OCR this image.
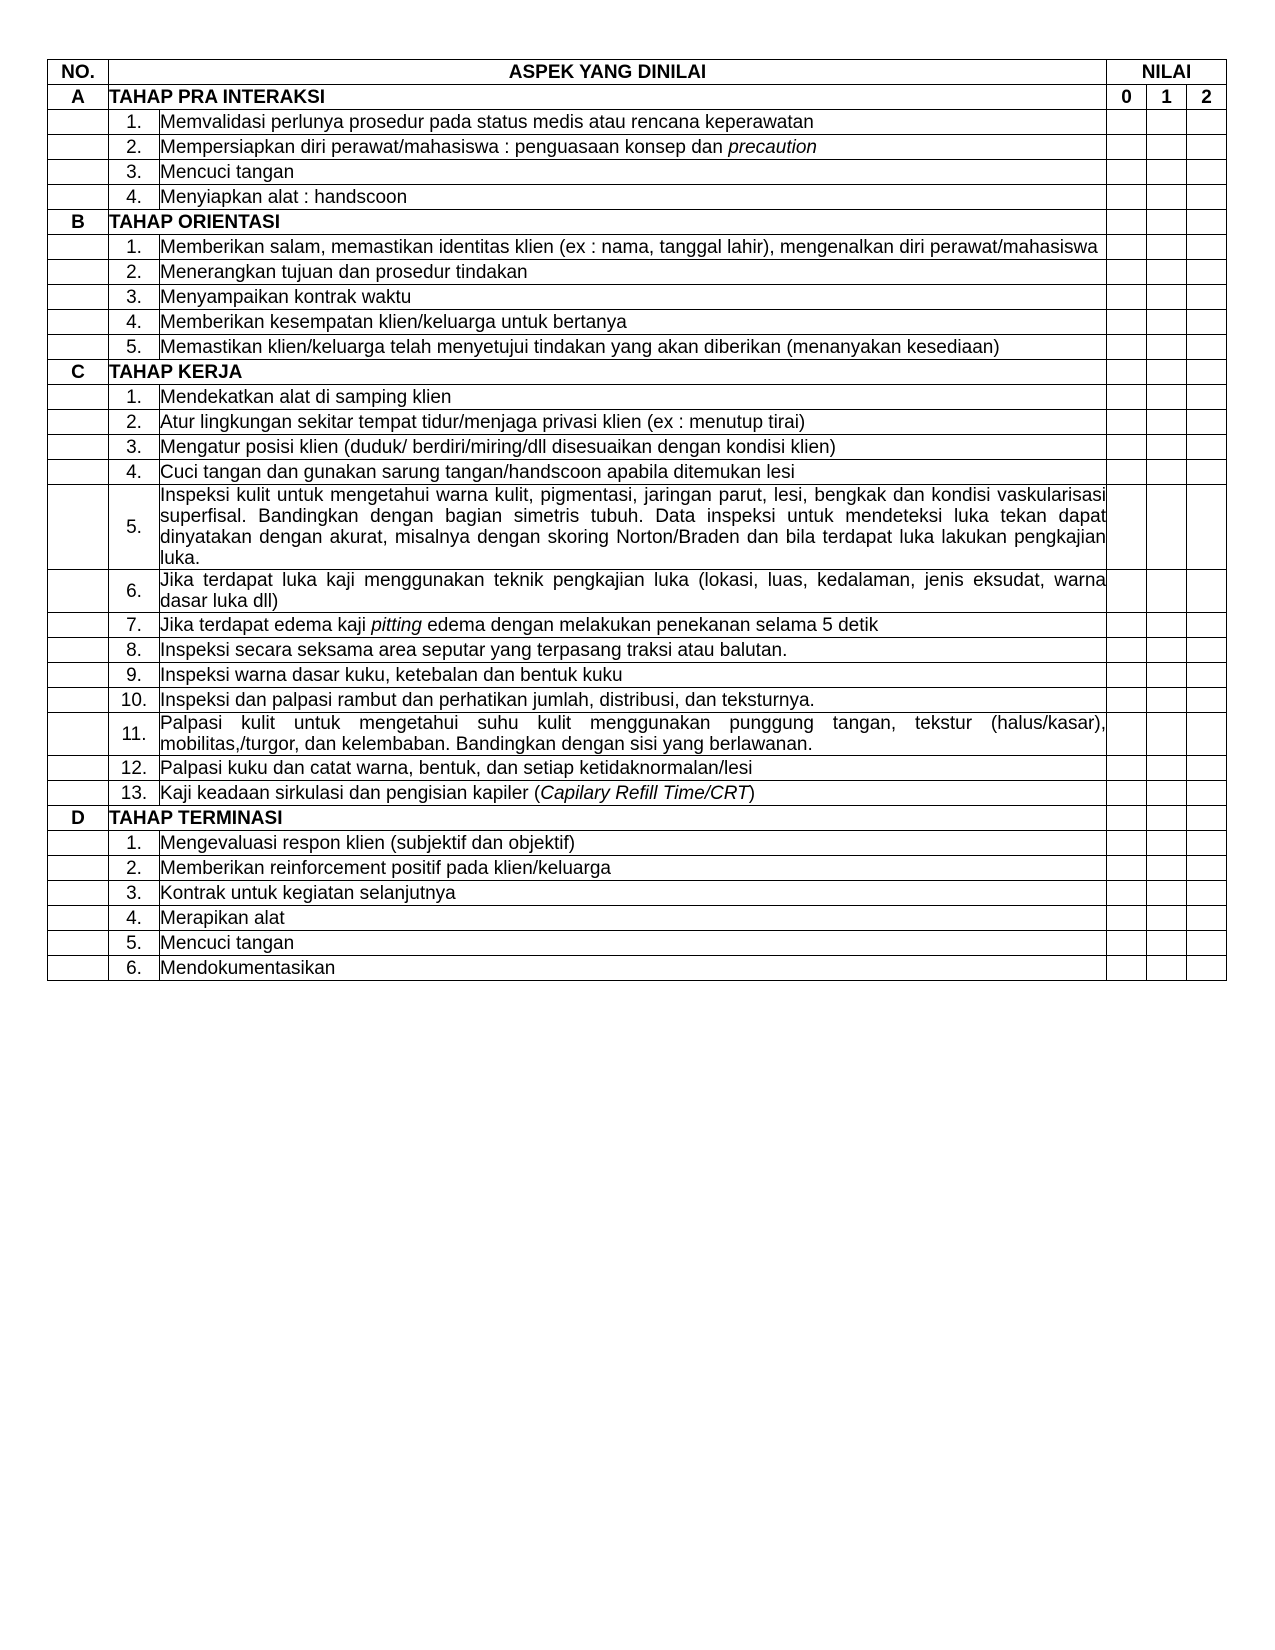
NO.	ASPEK YANG DINILAI		NILAI		
A	TAHAP PRA INTERAKSI		0	1	2
	1.	Memvalidasi perlunya prosedur pada status medis atau rencana keperawatan			
	2.	Mempersiapkan diri perawat/mahasiswa : penguasaan konsep dan precaution			
	3.	Mencuci tangan			
	4.	Menyiapkan alat : handscoon			
B	TAHAP ORIENTASI				
	1.	Memberikan salam, memastikan identitas klien (ex : nama, tanggal lahir), mengenalkan diri perawat/mahasiswa			
	2.	Menerangkan tujuan dan prosedur tindakan			
	3.	Menyampaikan kontrak waktu			
	4.	Memberikan kesempatan klien/keluarga untuk bertanya			
	5.	Memastikan klien/keluarga telah menyetujui tindakan yang akan diberikan (menanyakan kesediaan)			
C	TAHAP KERJA				
	1.	Mendekatkan alat di samping klien			
	2.	Atur lingkungan sekitar tempat tidur/menjaga privasi klien (ex : menutup tirai)			
	3.	Mengatur posisi klien (duduk/ berdiri/miring/dll disesuaikan dengan kondisi klien)			
	4.	Cuci tangan dan gunakan sarung tangan/handscoon apabila ditemukan lesi			
	5.	Inspeksi kulit untuk mengetahui warna kulit, pigmentasi, jaringan parut, lesi, bengkak dan kondisi vaskularisasi superfisal. Bandingkan dengan bagian simetris tubuh. Data inspeksi untuk mendeteksi luka tekan dapat dinyatakan dengan akurat, misalnya dengan skoring Norton/Braden dan bila terdapat luka lakukan pengkajian luka.			
	6.	Jika terdapat luka kaji menggunakan teknik pengkajian luka (lokasi, luas, kedalaman, jenis eksudat, warna dasar luka dll)			
	7.	Jika terdapat edema kaji pitting edema dengan melakukan penekanan selama 5 detik			
	8.	Inspeksi secara seksama area seputar yang terpasang traksi atau balutan.			
	9.	Inspeksi warna dasar kuku, ketebalan dan bentuk kuku			
	10.	Inspeksi dan palpasi rambut dan perhatikan jumlah, distribusi, dan teksturnya.			
	11.	Palpasi kulit untuk mengetahui suhu kulit menggunakan punggung tangan, tekstur (halus/kasar), mobilitas,/turgor, dan kelembaban. Bandingkan dengan sisi yang berlawanan.			
	12.	Palpasi kuku dan catat warna, bentuk, dan setiap ketidaknormalan/lesi			
	13.	Kaji keadaan sirkulasi dan pengisian kapiler (Capilary Refill Time/CRT)			
D	TAHAP TERMINASI				
	1.	Mengevaluasi respon klien (subjektif dan objektif)			
	2.	Memberikan reinforcement positif pada klien/keluarga			
	3.	Kontrak untuk kegiatan selanjutnya			
	4.	Merapikan alat			
	5.	Mencuci tangan			
	6.	Mendokumentasikan			
